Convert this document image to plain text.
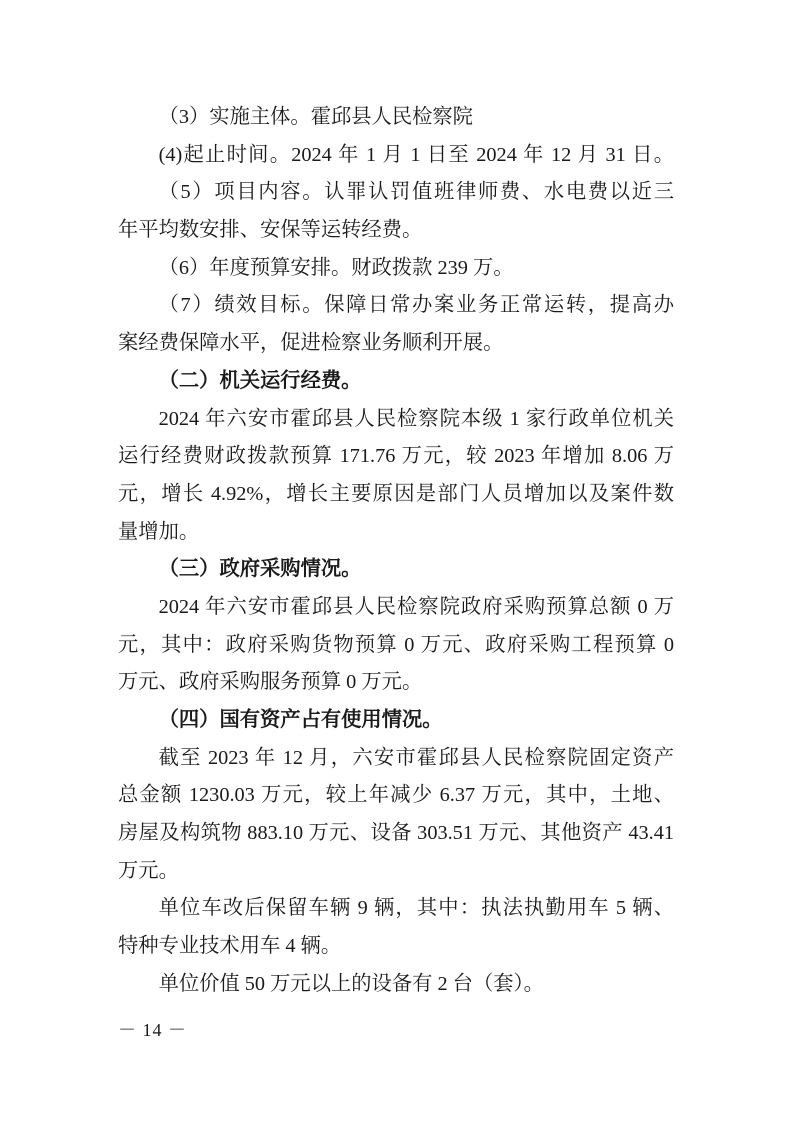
（3）实施主体。霍邱县人民检察院
(4)起止时间。2024 年 1 月 1 日至 2024 年 12 月 31 日。
（5）项目内容。认罪认罚值班律师费、水电费以近三
年平均数安排、安保等运转经费。
（6）年度预算安排。财政拨款 239 万。
（7）绩效目标。保障日常办案业务正常运转，提高办
案经费保障水平，促进检察业务顺利开展。
（二）机关运行经费。
2024 年六安市霍邱县人民检察院本级 1 家行政单位机关
运行经费财政拨款预算 171.76 万元，较 2023 年增加 8.06 万
元，增长 4.92%，增长主要原因是部门人员增加以及案件数
量增加。
（三）政府采购情况。
2024 年六安市霍邱县人民检察院政府采购预算总额 0 万
元，其中：政府采购货物预算 0 万元、政府采购工程预算 0
万元、政府采购服务预算 0 万元。
（四）国有资产占有使用情况。
截至 2023 年 12 月，六安市霍邱县人民检察院固定资产
总金额 1230.03 万元，较上年减少 6.37 万元，其中，土地、
房屋及构筑物 883.10 万元、设备 303.51 万元、其他资产 43.41
万元。
单位车改后保留车辆 9 辆，其中：执法执勤用车 5 辆、
特种专业技术用车 4 辆。
单位价值 50 万元以上的设备有 2 台（套）。
－ 14 －
